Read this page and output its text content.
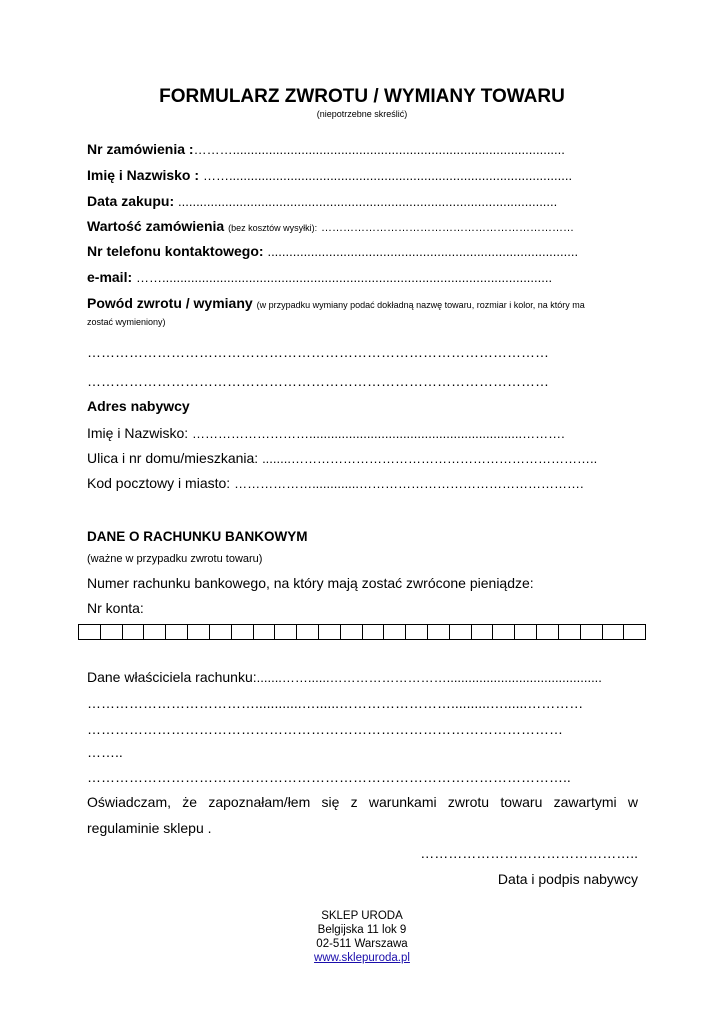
FORMULARZ ZWROTU / WYMIANY TOWARU
(niepotrzebne skreślić)
Nr zamówienia :………............................................................................................
Imię i Nazwisko : ……...............................................................................................
Data zakupu: .........................................................................................................
Wartość zamówienia (bez kosztów wysyłki): ……………………………………………………………
Nr telefonu kontaktowego: ......................................................................................
e-mail: ……............................................................................................................
Powód zwrotu / wymiany (w przypadku wymiany podać dokładną nazwę towaru, rozmiar i kolor, na który ma
zostać wymieniony)
………………………………………………………………………………………
………………………………………………………………………………………
Adres nabywcy
Imię i Nazwisko: ………………………...........................................................……….
Ulica i nr domu/mieszkania: ........……………………………………………………………..
Kod pocztowy i miasto: ……………….............…………………………………………….
DANE O RACHUNKU BANKOWYM
(ważne w przypadku zwrotu towaru)
Numer rachunku bankowego, na który mają zostać zwrócone pieniądze:
Nr konta:
Dane właściciela rachunku:.......……......………………………...........................................
………………………………............…......……………………..........…......…………
…………………………………………………………………………………………
……..
…………………………………………………………………………………………..
Oświadczam, że zapoznałam/łem się z warunkami zwrotu towaru zawartymi w
regulaminie sklepu .
………………………………………..
Data i podpis nabywcy
SKLEP URODA
Belgijska 11 lok 9
02-511 Warszawa
www.sklepuroda.pl
